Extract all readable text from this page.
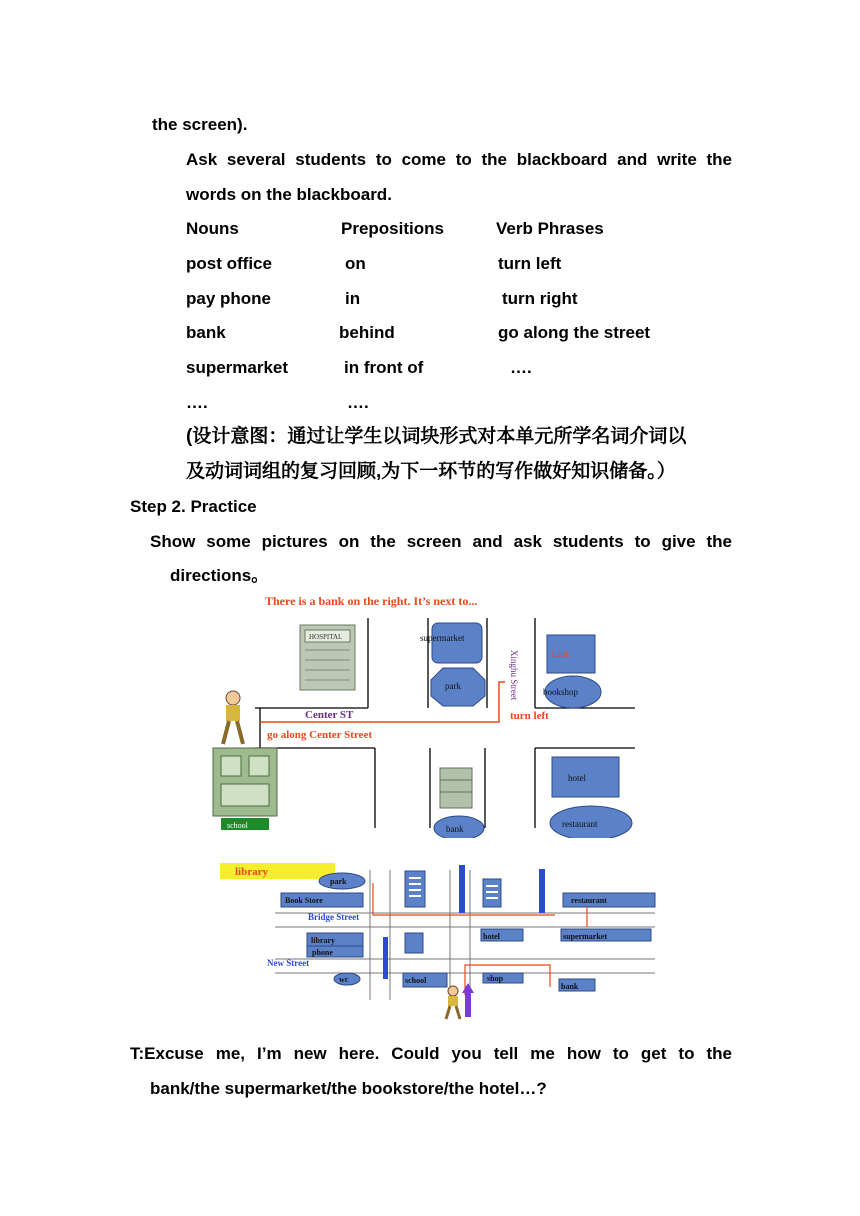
the screen).
Ask several students to come to the blackboard and write the
words on the blackboard.
Nouns	Prepositions	Verb Phrases
post office	on	turn left
pay phone	in	turn right
bank	behind	go along the street
supermarket	in front of	….
….	….
(设计意图：通过让学生以词块形式对本单元所学名词介词以
及动词词组的复习回顾,为下一环节的写作做好知识储备。）
Step 2. Practice
Show some pictures on the screen and ask students to give the
directions。
There is a bank on the right. It’s next to...
HOSPITAL	supermarket
park	Xinghu Street	bank
bookshop
Center ST	turn left
go along Center Street
school	bank
hotel
restaurant
library
park
Book Store	restaurant
library
phone
wc	school
hotel	supermarket
shop
bank
Bridge Street
New Street
T:Excuse me, I’m new here. Could you tell me how to get to the
bank/the supermarket/the bookstore/the hotel…?
